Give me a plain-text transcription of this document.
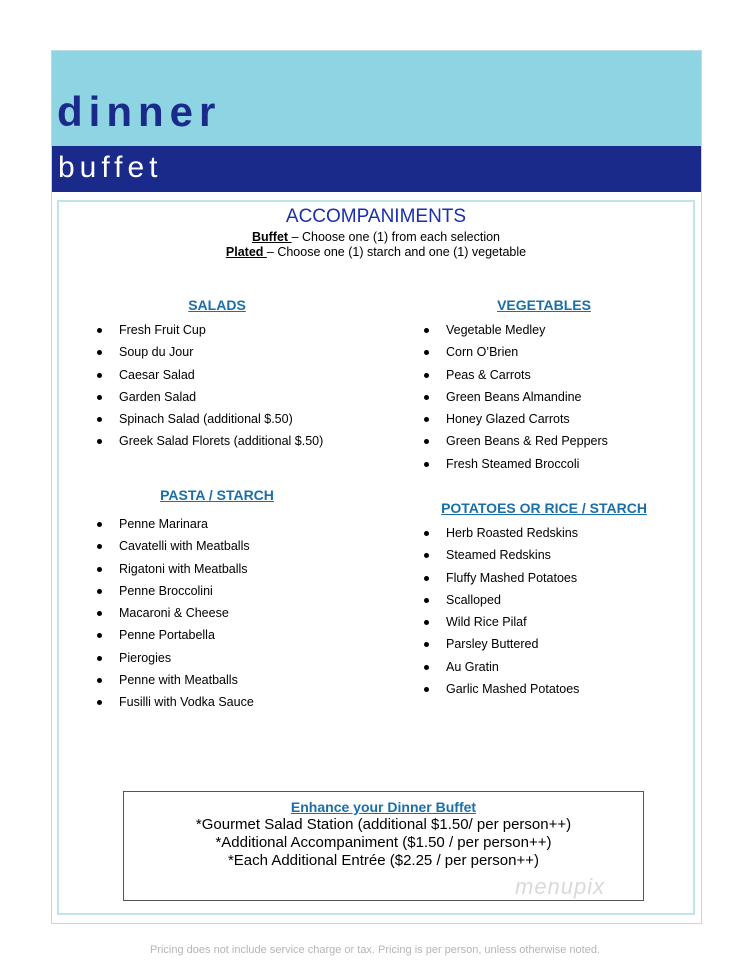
dinner
buffet
ACCOMPANIMENTS
Buffet – Choose one (1) from each selection
Plated – Choose one (1) starch and one (1) vegetable
SALADS
Fresh Fruit Cup
Soup du Jour
Caesar Salad
Garden Salad
Spinach Salad (additional $.50)
Greek Salad Florets (additional $.50)
VEGETABLES
Vegetable Medley
Corn O’Brien
Peas & Carrots
Green Beans Almandine
Honey Glazed Carrots
Green Beans & Red Peppers
Fresh Steamed Broccoli
PASTA / STARCH
Penne Marinara
Cavatelli with Meatballs
Rigatoni with Meatballs
Penne Broccolini
Macaroni & Cheese
Penne Portabella
Pierogies
Penne with Meatballs
Fusilli with Vodka Sauce
POTATOES OR RICE / STARCH
Herb Roasted Redskins
Steamed Redskins
Fluffy Mashed Potatoes
Scalloped
Wild Rice Pilaf
Parsley Buttered
Au Gratin
Garlic Mashed Potatoes
Enhance your Dinner Buffet
*Gourmet Salad Station (additional $1.50/ per person++)
*Additional Accompaniment ($1.50 / per person++)
*Each Additional Entrée ($2.25 / per person++)
menupix
Pricing does not include service charge or tax. Pricing is per person, unless otherwise noted.
